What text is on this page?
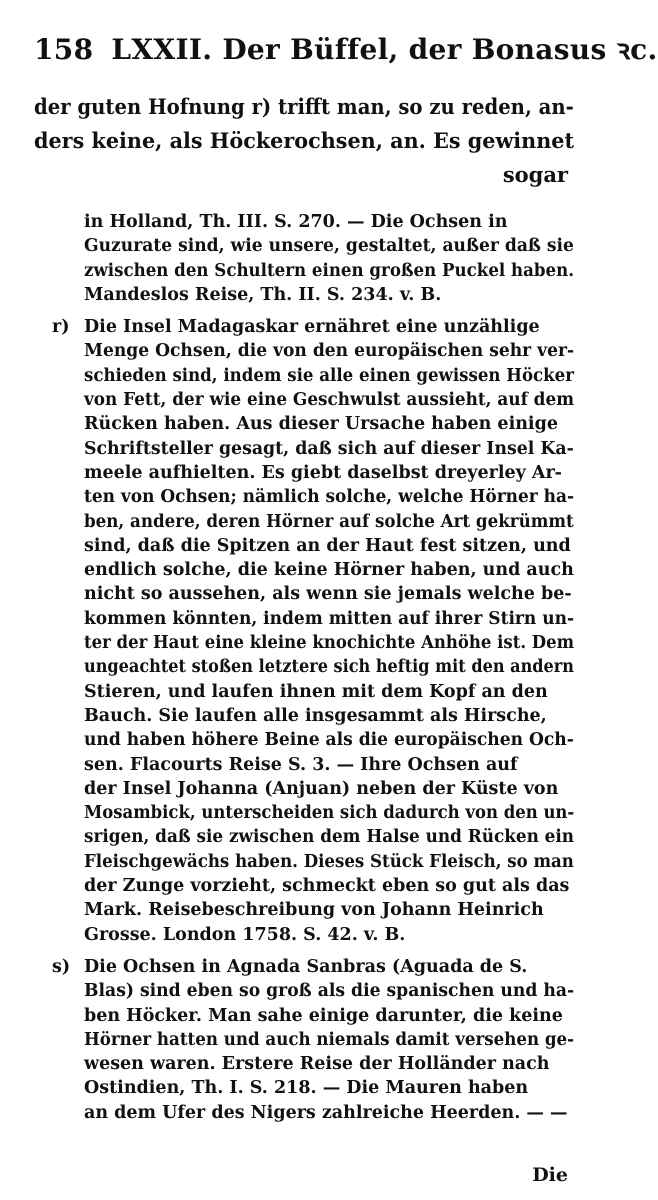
158 LXXII. Der Büffel, der Bonasus ꝛc.
der guten Hofnung r) trifft man, so zu reden, an-
ders keine, als Höckerochsen, an. Es gewinnet
sogar
in Holland, Th. III. S. 270. — Die Ochsen in
Guzurate sind, wie unsere, gestaltet, außer daß sie
zwischen den Schultern einen großen Puckel haben.
Mandeslos Reise, Th. II. S. 234. v. B.
r) Die Insel Madagaskar ernähret eine unzählige
Menge Ochsen, die von den europäischen sehr ver-
schieden sind, indem sie alle einen gewissen Höcker
von Fett, der wie eine Geschwulst aussieht, auf dem
Rücken haben. Aus dieser Ursache haben einige
Schriftsteller gesagt, daß sich auf dieser Insel Ka-
meele aufhielten. Es giebt daselbst dreyerley Ar-
ten von Ochsen; nämlich solche, welche Hörner ha-
ben, andere, deren Hörner auf solche Art gekrümmt
sind, daß die Spitzen an der Haut fest sitzen, und
endlich solche, die keine Hörner haben, und auch
nicht so aussehen, als wenn sie jemals welche be-
kommen könnten, indem mitten auf ihrer Stirn un-
ter der Haut eine kleine knochichte Anhöhe ist. Dem
ungeachtet stoßen letztere sich heftig mit den andern
Stieren, und laufen ihnen mit dem Kopf an den
Bauch. Sie laufen alle insgesammt als Hirsche,
und haben höhere Beine als die europäischen Och-
sen. Flacourts Reise S. 3. — Ihre Ochsen auf
der Insel Johanna (Anjuan) neben der Küste von
Mosambick, unterscheiden sich dadurch von den un-
srigen, daß sie zwischen dem Halse und Rücken ein
Fleischgewächs haben. Dieses Stück Fleisch, so man
der Zunge vorzieht, schmeckt eben so gut als das
Mark. Reisebeschreibung von Johann Heinrich
Grosse. London 1758. S. 42. v. B.
s) Die Ochsen in Agnada Sanbras (Aguada de S.
Blas) sind eben so groß als die spanischen und ha-
ben Höcker. Man sahe einige darunter, die keine
Hörner hatten und auch niemals damit versehen ge-
wesen waren. Erstere Reise der Holländer nach
Ostindien, Th. I. S. 218. — Die Mauren haben
an dem Ufer des Nigers zahlreiche Heerden. — —
Die
